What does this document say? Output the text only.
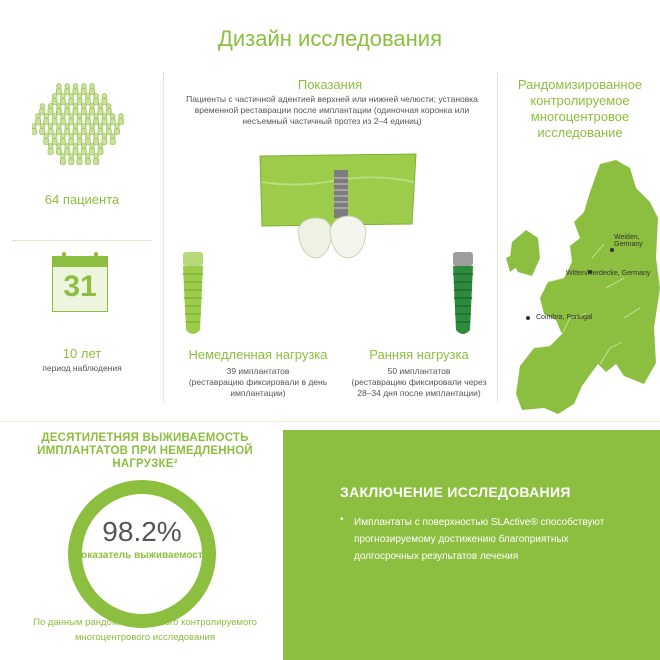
Дизайн исследования
64 пациента
31
10 лет
период наблюдения
Показания
Пациенты с частичной адентией верхней или нижней челюсти; установка временной реставрации после имплантации (одиночная коронка или несъемный частичный протез из 2–4 единиц)
Немедленная нагрузка
39 имплантатов
(реставрацию фиксировали в день имплантации)
Ранняя нагрузка
50 имплантатов
(реставрацию фиксировали через 28–34 дня после имплантации)
Рандомизированное контролируемое многоцентровое исследование
Weiden, Germany
Witten/Herdecke, Germany
Coimbra, Portugal
ДЕСЯТИЛЕТНЯЯ ВЫЖИВАЕМОСТЬ ИМПЛАНТАТОВ ПРИ НЕМЕДЛЕННОЙ НАГРУЗКЕ²
98.2%
показатель выживаемости
По данным рандомизированного контролируемого многоцентрового исследования
ЗАКЛЮЧЕНИЕ ИССЛЕДОВАНИЯ
• Имплантаты с поверхностью SLActive® способствуют прогнозируемому достижению благоприятных долгосрочных результатов лечения
